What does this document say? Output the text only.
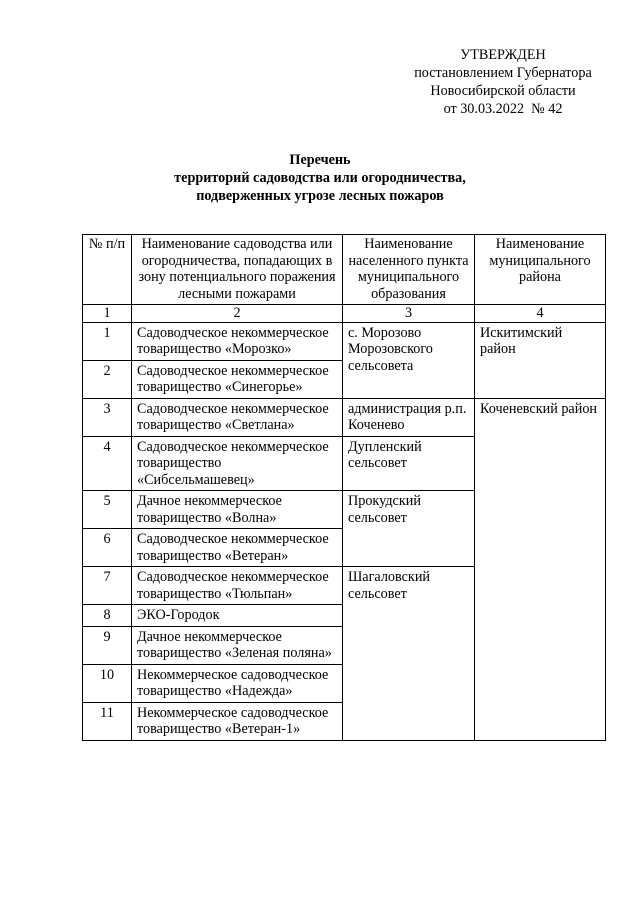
УТВЕРЖДЕН
постановлением Губернатора
Новосибирской области
от 30.03.2022  № 42
Перечень
территорий садоводства или огородничества,
подверженных угрозе лесных пожаров
№ п/п	Наименование садоводства или огородничества, попадающих в зону потенциального поражения лесными пожарами	Наименование населенного пункта муниципального образования	Наименование муниципального района
1	2	3	4
1	Садоводческое некоммерческое товарищество «Морозко»	с. Морозово Морозовского сельсовета	Искитимский район
2	Садоводческое некоммерческое товарищество «Синегорье»		
3	Садоводческое некоммерческое товарищество «Светлана»	администрация р.п. Коченево	Коченевский район
4	Садоводческое некоммерческое товарищество «Сибсельмашевец»	Дупленский сельсовет	
5	Дачное некоммерческое товарищество «Волна»	Прокудский сельсовет	
6	Садоводческое некоммерческое товарищество «Ветеран»		
7	Садоводческое некоммерческое товарищество «Тюльпан»	Шагаловский сельсовет	
8	ЭКО-Городок		
9	Дачное некоммерческое товарищество «Зеленая поляна»		
10	Некоммерческое садоводческое товарищество «Надежда»		
11	Некоммерческое садоводческое товарищество «Ветеран-1»		
